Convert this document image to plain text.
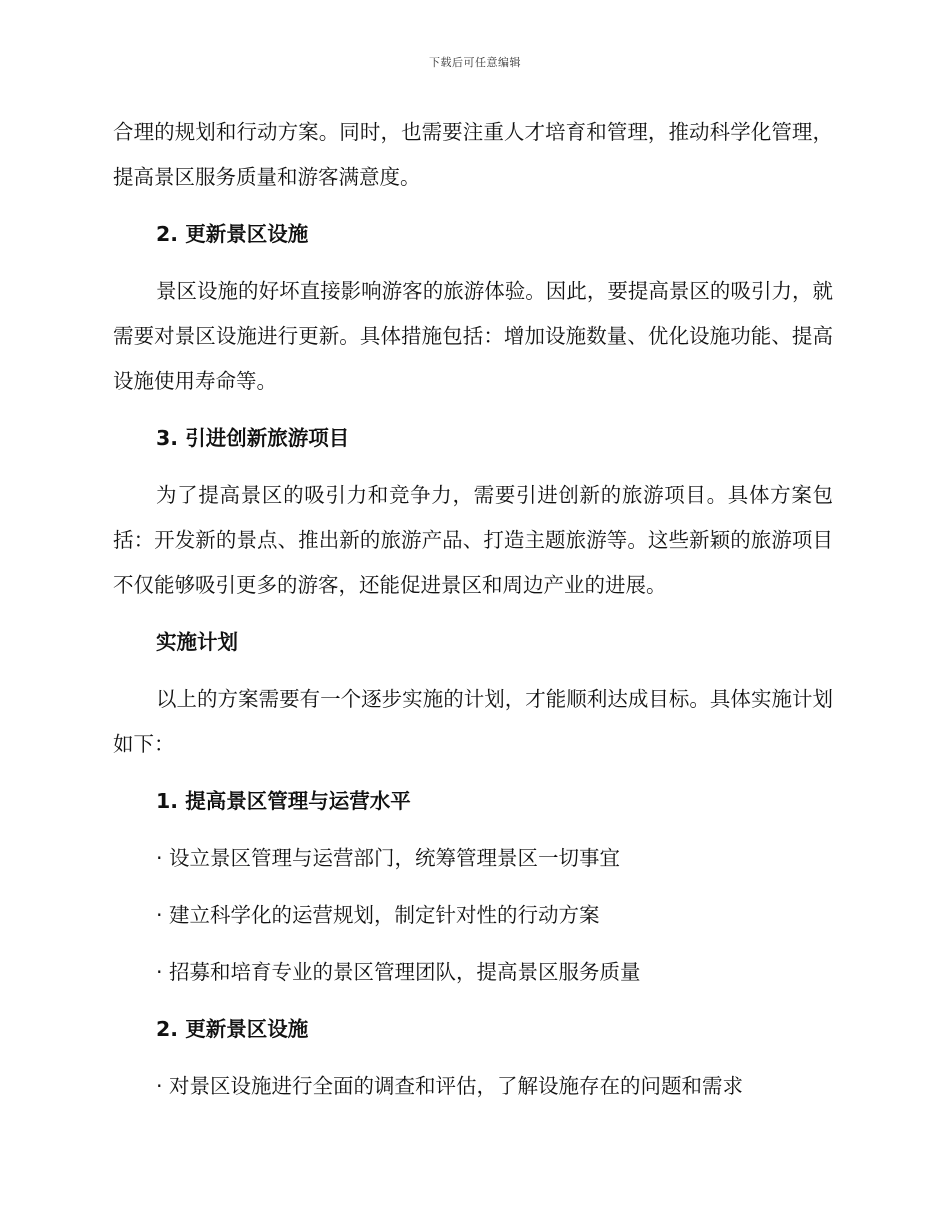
下载后可任意编辑

合理的规划和行动方案。同时，也需要注重人才培育和管理，推动科学化管理，提高景区服务质量和游客满意度。

2. 更新景区设施

景区设施的好坏直接影响游客的旅游体验。因此，要提高景区的吸引力，就需要对景区设施进行更新。具体措施包括：增加设施数量、优化设施功能、提高设施使用寿命等。

3. 引进创新旅游项目

为了提高景区的吸引力和竞争力，需要引进创新的旅游项目。具体方案包括：开发新的景点、推出新的旅游产品、打造主题旅游等。这些新颖的旅游项目不仅能够吸引更多的游客，还能促进景区和周边产业的进展。

实施计划

以上的方案需要有一个逐步实施的计划，才能顺利达成目标。具体实施计划如下：

1. 提高景区管理与运营水平

· 设立景区管理与运营部门，统筹管理景区一切事宜

· 建立科学化的运营规划，制定针对性的行动方案

· 招募和培育专业的景区管理团队，提高景区服务质量

2. 更新景区设施

· 对景区设施进行全面的调查和评估，了解设施存在的问题和需求
